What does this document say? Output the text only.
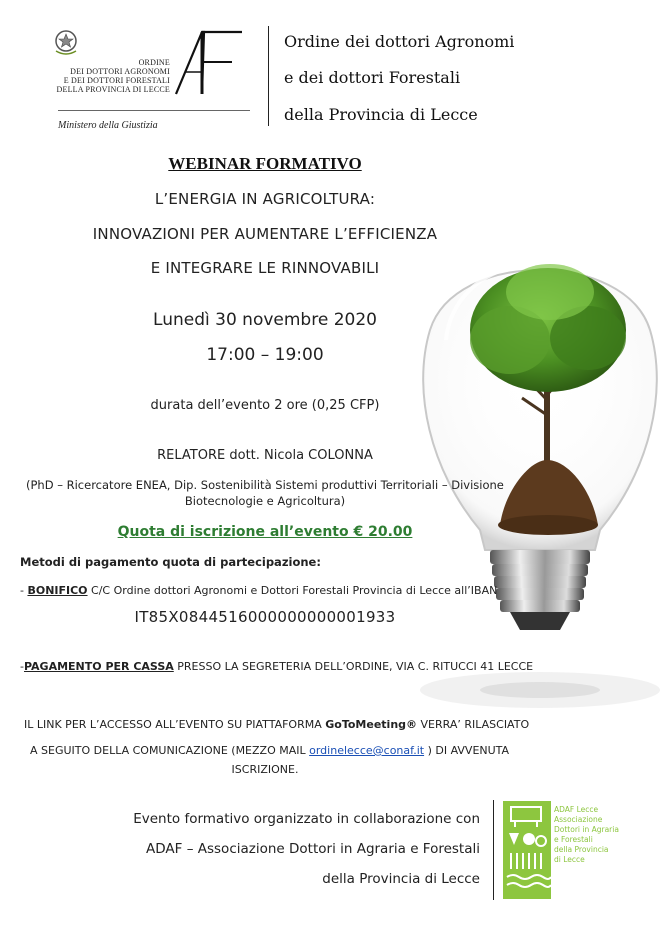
ORDINE
DEI DOTTORI AGRONOMI
E DEI DOTTORI FORESTALI
DELLA PROVINCIA DI LECCE
Ministero della Giustizia
Ordine dei dottori Agronomi
e dei dottori Forestali
della Provincia di Lecce
WEBINAR FORMATIVO
L’ENERGIA IN AGRICOLTURA:
INNOVAZIONI PER AUMENTARE L’EFFICIENZA
E INTEGRARE LE RINNOVABILI
Lunedì 30 novembre 2020
17:00 – 19:00
durata dell’evento 2 ore (0,25 CFP)
RELATORE dott. Nicola COLONNA
(PhD – Ricercatore ENEA, Dip. Sostenibilità Sistemi produttivi Territoriali – Divisione
Biotecnologie e Agricoltura)
Quota di iscrizione all’evento € 20.00
Metodi di pagamento quota di partecipazione:
- BONIFICO C/C Ordine dottori Agronomi e Dottori Forestali Provincia di Lecce all’IBAN
IT85X0844516000000000001933
-PAGAMENTO PER CASSA PRESSO LA SEGRETERIA DELL’ORDINE, VIA C. RITUCCI 41 LECCE
IL LINK PER L’ACCESSO ALL’EVENTO SU PIATTAFORMA GoToMeeting® VERRA’ RILASCIATO
A SEGUITO DELLA COMUNICAZIONE (MEZZO MAIL ordinelecce@conaf.it ) DI AVVENUTA
ISCRIZIONE.
Evento formativo organizzato in collaborazione con
ADAF – Associazione Dottori in Agraria e Forestali
della Provincia di Lecce
ADAF Lecce
Associazione
Dottori in Agraria
e Forestali
della Provincia
di Lecce
